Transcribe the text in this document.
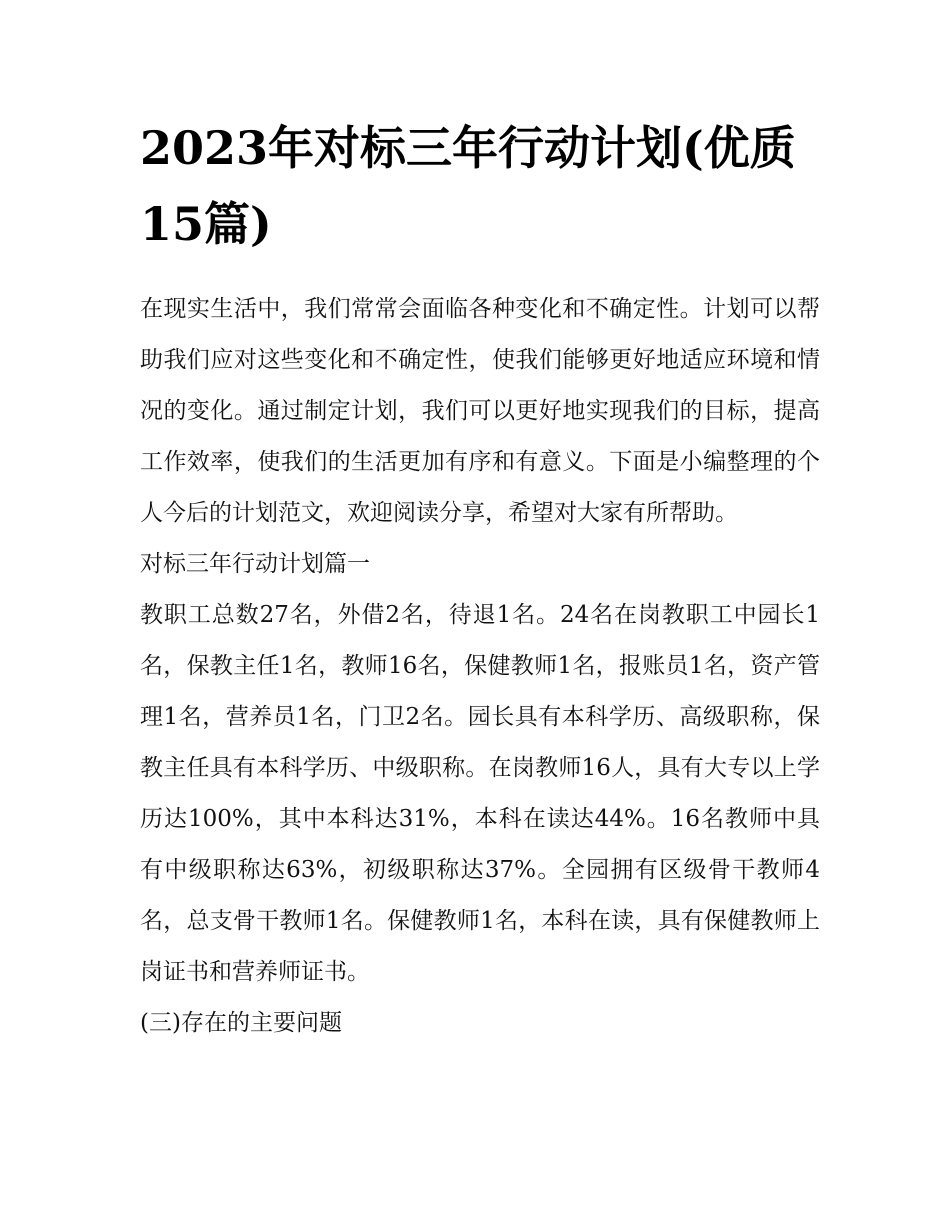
2023年对标三年行动计划(优质15篇)

在现实生活中，我们常常会面临各种变化和不确定性。计划可以帮助我们应对这些变化和不确定性，使我们能够更好地适应环境和情况的变化。通过制定计划，我们可以更好地实现我们的目标，提高工作效率，使我们的生活更加有序和有意义。下面是小编整理的个人今后的计划范文，欢迎阅读分享，希望对大家有所帮助。

对标三年行动计划篇一

教职工总数27名，外借2名，待退1名。24名在岗教职工中园长1名，保教主任1名，教师16名，保健教师1名，报账员1名，资产管理1名，营养员1名，门卫2名。园长具有本科学历、高级职称，保教主任具有本科学历、中级职称。在岗教师16人，具有大专以上学历达100%，其中本科达31%，本科在读达44%。16名教师中具有中级职称达63%，初级职称达37%。全园拥有区级骨干教师4名，总支骨干教师1名。保健教师1名，本科在读，具有保健教师上岗证书和营养师证书。

(三)存在的主要问题
